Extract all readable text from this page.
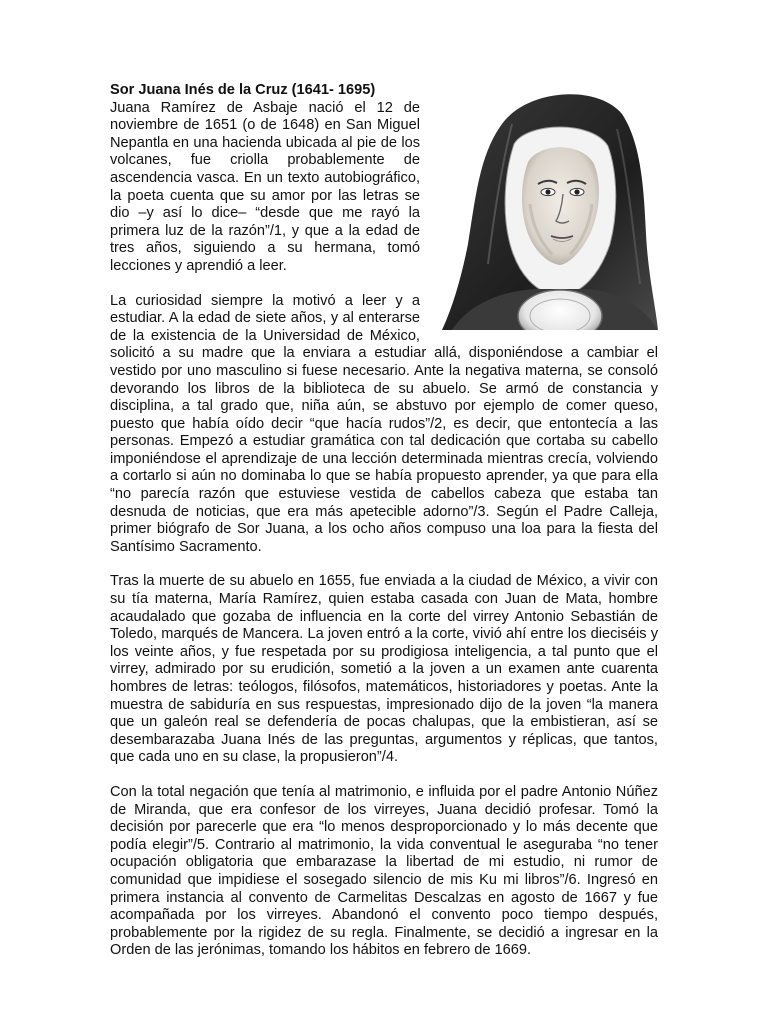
Sor Juana Inés de la Cruz (1641- 1695)

Juana Ramírez de Asbaje nació el 12 de noviembre de 1651 (o de 1648) en San Miguel Nepantla en una hacienda ubicada al pie de los volcanes, fue criolla probablemente de ascendencia vasca. En un texto autobiográfico, la poeta cuenta que su amor por las letras se dio –y así lo dice– “desde que me rayó la primera luz de la razón”/1, y que a la edad de tres años, siguiendo a su hermana, tomó lecciones y aprendió a leer.

La curiosidad siempre la motivó a leer y a estudiar. A la edad de siete años, y al enterarse de la existencia de la Universidad de México, solicitó a su madre que la enviara a estudiar allá, disponiéndose a cambiar el vestido por uno masculino si fuese necesario. Ante la negativa materna, se consoló devorando los libros de la biblioteca de su abuelo. Se armó de constancia y disciplina, a tal grado que, niña aún, se abstuvo por ejemplo de comer queso, puesto que había oído decir “que hacía rudos”/2, es decir, que entontecía a las personas. Empezó a estudiar gramática con tal dedicación que cortaba su cabello imponiéndose el aprendizaje de una lección determinada mientras crecía, volviendo a cortarlo si aún no dominaba lo que se había propuesto aprender, ya que para ella “no parecía razón que estuviese vestida de cabellos cabeza que estaba tan desnuda de noticias, que era más apetecible adorno”/3. Según el Padre Calleja, primer biógrafo de Sor Juana, a los ocho años compuso una loa para la fiesta del Santísimo Sacramento.

Tras la muerte de su abuelo en 1655, fue enviada a la ciudad de México, a vivir con su tía materna, María Ramírez, quien estaba casada con Juan de Mata, hombre acaudalado que gozaba de influencia en la corte del virrey Antonio Sebastián de Toledo, marqués de Mancera. La joven entró a la corte, vivió ahí entre los dieciséis y los veinte años, y fue respetada por su prodigiosa inteligencia, a tal punto que el virrey, admirado por su erudición, sometió a la joven a un examen ante cuarenta hombres de letras: teólogos, filósofos, matemáticos, historiadores y poetas. Ante la muestra de sabiduría en sus respuestas, impresionado dijo de la joven “la manera que un galeón real se defendería de pocas chalupas, que la embistieran, así se desembarazaba Juana Inés de las preguntas, argumentos y réplicas, que tantos, que cada uno en su clase, la propusieron”/4.

Con la total negación que tenía al matrimonio, e influida por el padre Antonio Núñez de Miranda, que era confesor de los virreyes, Juana decidió profesar. Tomó la decisión por parecerle que era “lo menos desproporcionado y lo más decente que podía elegir”/5. Contrario al matrimonio, la vida conventual le aseguraba “no tener ocupación obligatoria que embarazase la libertad de mi estudio, ni rumor de comunidad que impidiese el sosegado silencio de mis Ku mi libros”/6. Ingresó en primera instancia al convento de Carmelitas Descalzas en agosto de 1667 y fue acompañada por los virreyes. Abandonó el convento poco tiempo después, probablemente por la rigidez de su regla. Finalmente, se decidió a ingresar en la Orden de las jerónimas, tomando los hábitos en febrero de 1669.
